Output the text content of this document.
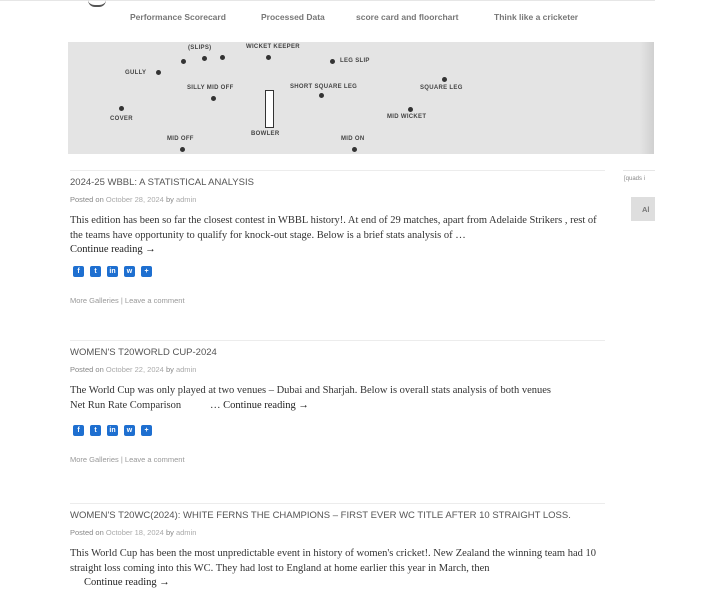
Performance Scorecard	Processed Data	score card and floorchart	Think like a cricketer
(SLIPS)	WICKET KEEPER
LEG SLIP
GULLY
SILLY MID OFF	SHORT SQUARE LEG	SQUARE LEG
COVER	MID WICKET
BOWLER
MID OFF	MID ON
2024-25 WBBL: A STATISTICAL ANALYSIS
Posted on October 28, 2024 by admin

This edition has been so far the closest contest in WBBL history!. At end of 29 matches, apart from Adelaide Strikers , rest of the teams have opportunity to qualify for knock-out stage. Below is a brief stats analysis of …
Continue reading →

f	t	in	w	+
More Galleries | Leave a comment
WOMEN'S T20WORLD CUP-2024
Posted on October 22, 2024 by admin

The World Cup was only played at two venues – Dubai and Sharjah. Below is overall stats analysis of both venues                    Net Run Rate Comparison           … Continue reading →

f	t	in	w	+
More Galleries | Leave a comment
WOMEN'S T20WC(2024): WHITE FERNS THE CHAMPIONS – FIRST EVER WC TITLE AFTER 10 STRAIGHT LOSS.
Posted on October 18, 2024 by admin

This World Cup has been the most unpredictable event in history of women's cricket!. New Zealand the winning team had 10 straight loss coming into this WC. They had lost to England at home earlier this year in March, then
Continue reading →

[quads i
Al
